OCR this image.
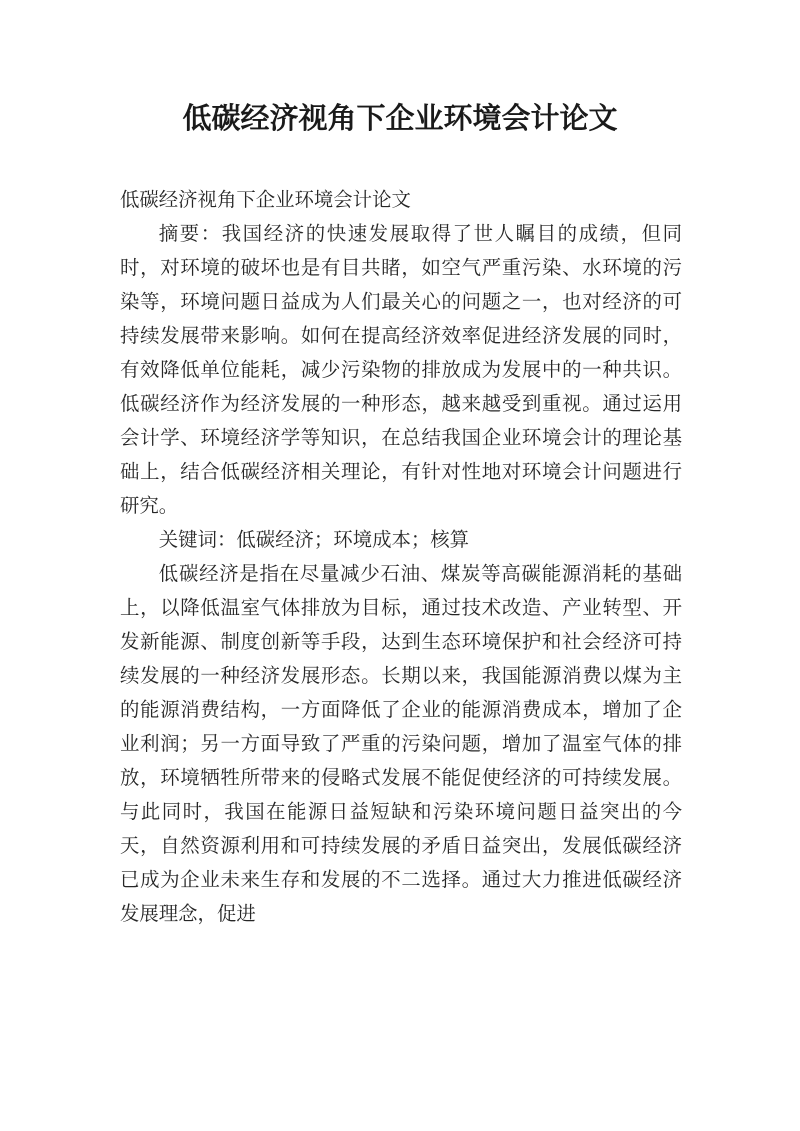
低碳经济视角下企业环境会计论文

低碳经济视角下企业环境会计论文

摘要：我国经济的快速发展取得了世人瞩目的成绩，但同时，对环境的破坏也是有目共睹，如空气严重污染、水环境的污染等，环境问题日益成为人们最关心的问题之一，也对经济的可持续发展带来影响。如何在提高经济效率促进经济发展的同时，有效降低单位能耗，减少污染物的排放成为发展中的一种共识。低碳经济作为经济发展的一种形态，越来越受到重视。通过运用会计学、环境经济学等知识，在总结我国企业环境会计的理论基础上，结合低碳经济相关理论，有针对性地对环境会计问题进行研究。

关键词：低碳经济；环境成本；核算

低碳经济是指在尽量减少石油、煤炭等高碳能源消耗的基础上，以降低温室气体排放为目标，通过技术改造、产业转型、开发新能源、制度创新等手段，达到生态环境保护和社会经济可持续发展的一种经济发展形态。长期以来，我国能源消费以煤为主的能源消费结构，一方面降低了企业的能源消费成本，增加了企业利润；另一方面导致了严重的污染问题，增加了温室气体的排放，环境牺牲所带来的侵略式发展不能促使经济的可持续发展。与此同时，我国在能源日益短缺和污染环境问题日益突出的今天，自然资源利用和可持续发展的矛盾日益突出，发展低碳经济已成为企业未来生存和发展的不二选择。通过大力推进低碳经济发展理念，促进
